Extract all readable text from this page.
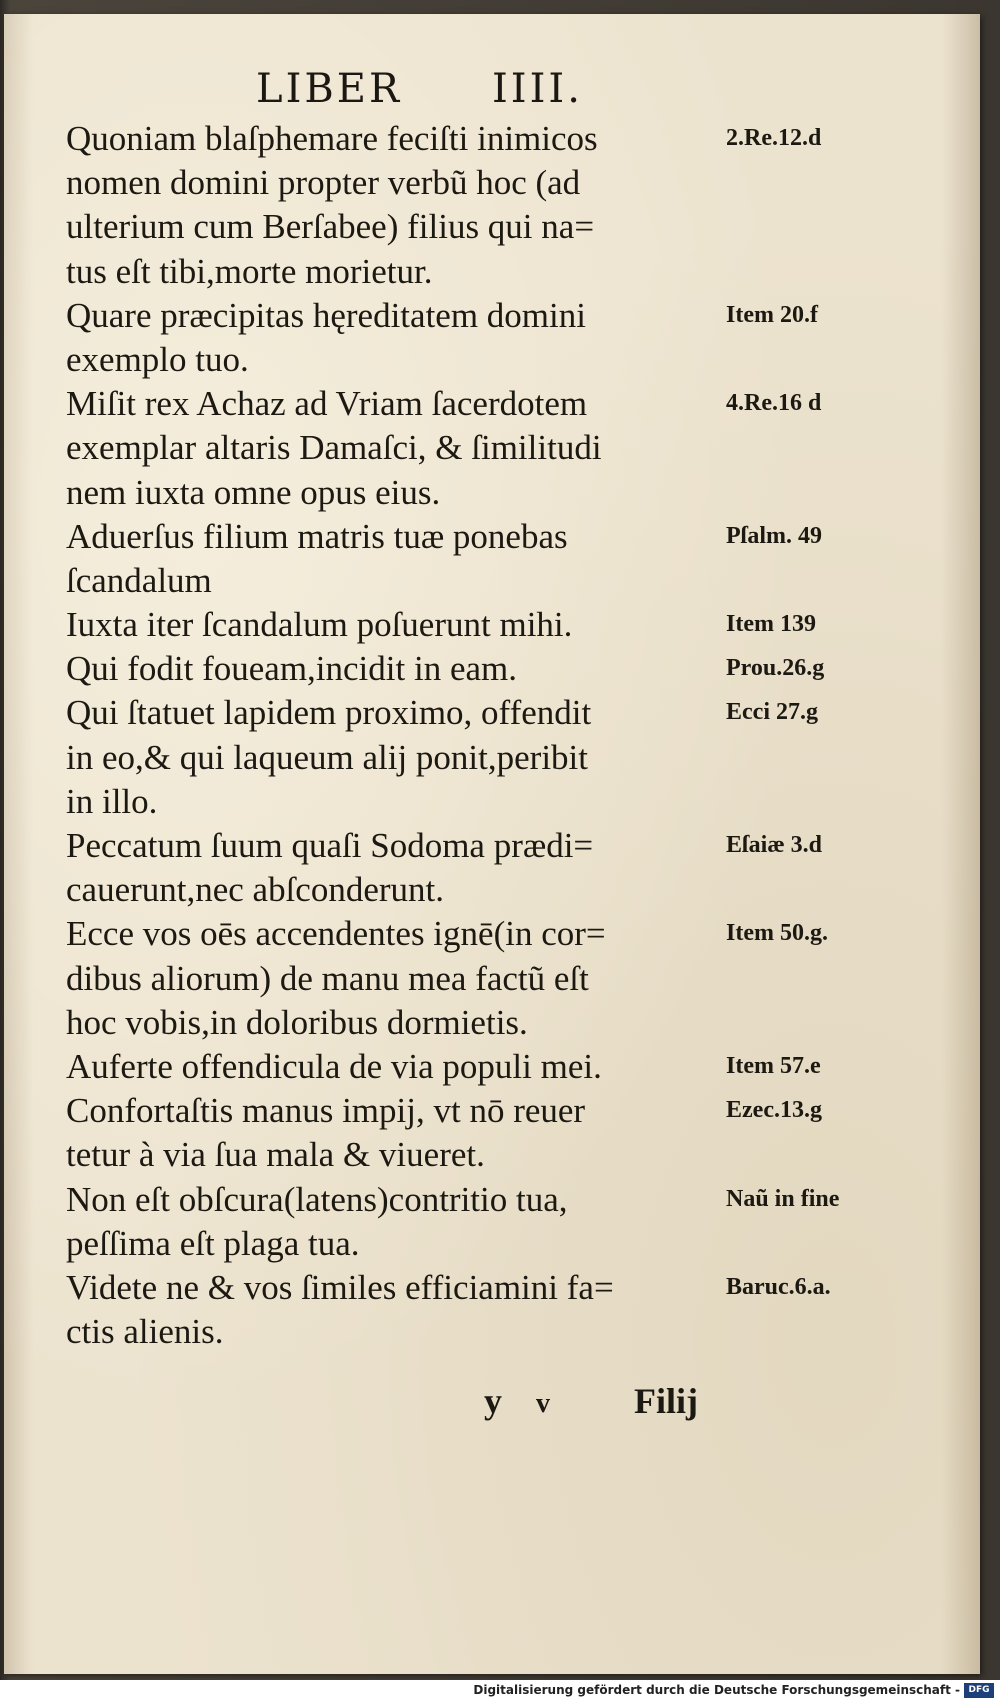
LIBER IIII.
Quoniam blaſphemare feciſti inimicos	2.Re.12.d
nomen domini propter verbũ hoc (ad
ulterium cum Berſabee) filius qui na=
tus eſt tibi,morte morietur.
Quare præcipitas hęreditatem domini	Item 20.f
exemplo tuo.
Miſit rex Achaz ad Vriam ſacerdotem	4.Re.16 d
exemplar altaris Damaſci, & ſimilitudi
nem iuxta omne opus eius.
Aduerſus filium matris tuæ ponebas	Pſalm. 49
ſcandalum
Iuxta iter ſcandalum poſuerunt mihi.	Item 139
Qui fodit foueam,incidit in eam.	Prou.26.g
Qui ſtatuet lapidem proximo, offendit	Ecci 27.g
in eo,& qui laqueum alij ponit,peribit
in illo.
Peccatum ſuum quaſi Sodoma prædi=	Eſaiæ 3.d
cauerunt,nec abſconderunt.
Ecce vos oēs accendentes ignē(in cor=	Item 50.g.
dibus aliorum) de manu mea factũ eſt
hoc vobis,in doloribus dormietis.
Auferte offendicula de via populi mei.	Item 57.e
Confortaſtis manus impij, vt nō reuer	Ezec.13.g
tetur à via ſua mala & viueret.
Non eſt obſcura(latens)contritio tua,	Naũ in fine
peſſima eſt plaga tua.
Videte ne & vos ſimiles efficiamini fa=	Baruc.6.a.
ctis alienis.
y v Filij
Digitalisierung gefördert durch die Deutsche Forschungsgemeinschaft - DFG
